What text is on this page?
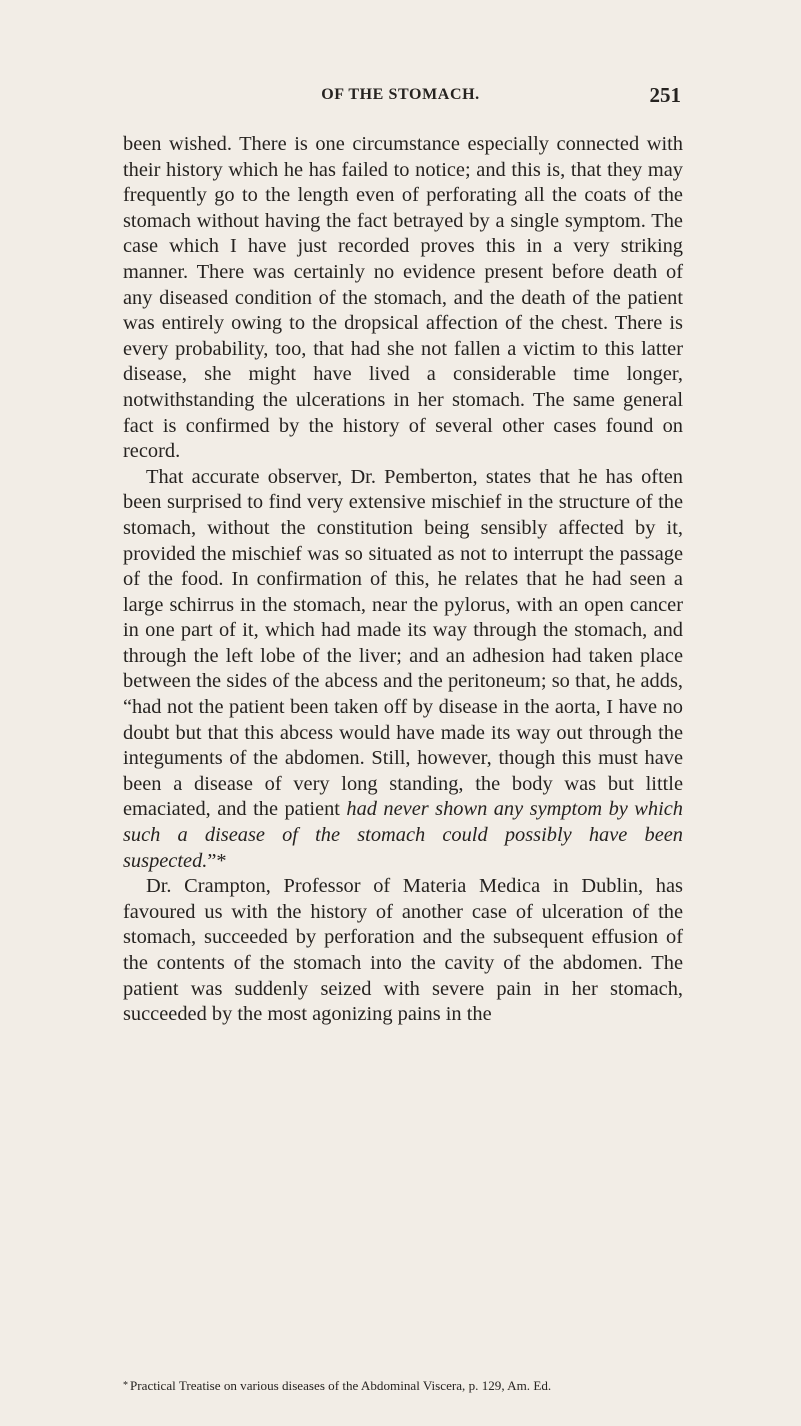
OF THE STOMACH.	251

been wished. There is one circumstance especially connected with their history which he has failed to notice; and this is, that they may frequently go to the length even of perforating all the coats of the stomach without having the fact betrayed by a single symptom. The case which I have just recorded proves this in a very striking manner. There was certainly no evidence present before death of any diseased condition of the stomach, and the death of the patient was entirely owing to the dropsical affection of the chest. There is every probability, too, that had she not fallen a victim to this latter disease, she might have lived a considerable time longer, notwithstanding the ulcerations in her stomach. The same general fact is confirmed by the history of several other cases found on record.

That accurate observer, Dr. Pemberton, states that he has often been surprised to find very extensive mischief in the structure of the stomach, without the constitution being sensibly affected by it, provided the mischief was so situated as not to interrupt the passage of the food. In confirmation of this, he relates that he had seen a large schirrus in the stomach, near the pylorus, with an open cancer in one part of it, which had made its way through the stomach, and through the left lobe of the liver; and an adhesion had taken place between the sides of the abcess and the peritoneum; so that, he adds, “had not the patient been taken off by disease in the aorta, I have no doubt but that this abcess would have made its way out through the integuments of the abdomen. Still, however, though this must have been a disease of very long standing, the body was but little emaciated, and the patient had never shown any symptom by which such a disease of the stomach could possibly have been suspected.”*

Dr. Crampton, Professor of Materia Medica in Dublin, has favoured us with the history of another case of ulceration of the stomach, succeeded by perforation and the subsequent effusion of the contents of the stomach into the cavity of the abdomen. The patient was suddenly seized with severe pain in her stomach, succeeded by the most agonizing pains in the

* Practical Treatise on various diseases of the Abdominal Viscera, p. 129, Am. Ed.
